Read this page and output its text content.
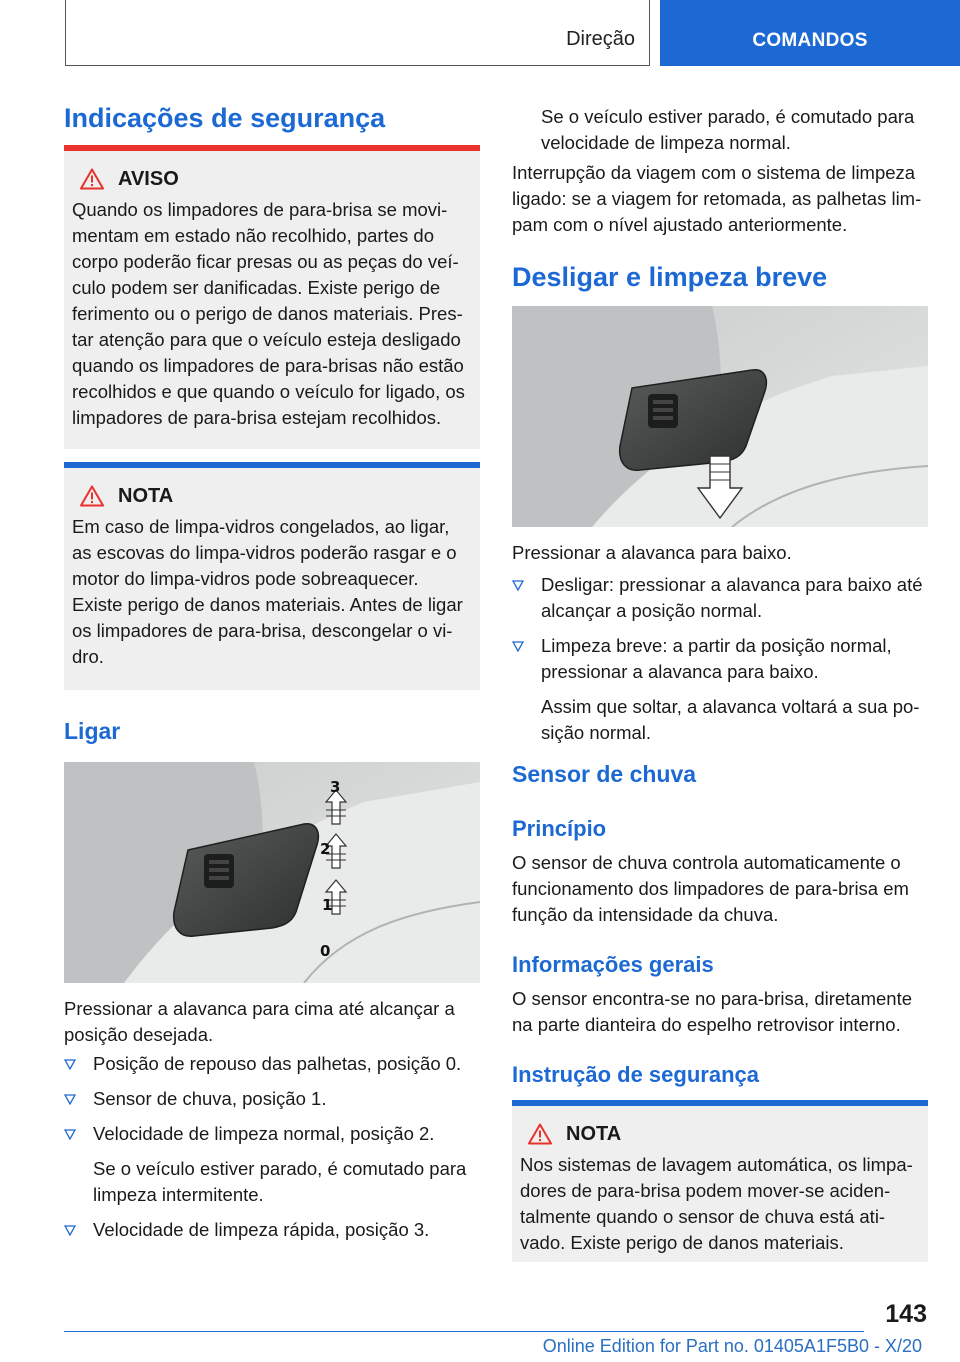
Direção	COMANDOS
Indicações de segurança
AVISO
Quando os limpadores de para-brisa se movi-
mentam em estado não recolhido, partes do
corpo poderão ficar presas ou as peças do veí-
culo podem ser danificadas. Existe perigo de
ferimento ou o perigo de danos materiais. Pres-
tar atenção para que o veículo esteja desligado
quando os limpadores de para-brisas não estão
recolhidos e que quando o veículo for ligado, os
limpadores de para-brisa estejam recolhidos.
NOTA
Em caso de limpa-vidros congelados, ao ligar,
as escovas do limpa-vidros poderão rasgar e o
motor do limpa-vidros pode sobreaquecer.
Existe perigo de danos materiais. Antes de ligar
os limpadores de para-brisa, descongelar o vi-
dro.
Ligar
3
2
1
0
Pressionar a alavanca para cima até alcançar a
posição desejada.
Posição de repouso das palhetas, posição 0.
Sensor de chuva, posição 1.
Velocidade de limpeza normal, posição 2.
Se o veículo estiver parado, é comutado para
limpeza intermitente.
Velocidade de limpeza rápida, posição 3.
Se o veículo estiver parado, é comutado para
velocidade de limpeza normal.
Interrupção da viagem com o sistema de limpeza
ligado: se a viagem for retomada, as palhetas lim-
pam com o nível ajustado anteriormente.
Desligar e limpeza breve
Pressionar a alavanca para baixo.
Desligar: pressionar a alavanca para baixo até
alcançar a posição normal.
Limpeza breve: a partir da posição normal,
pressionar a alavanca para baixo.
Assim que soltar, a alavanca voltará a sua po-
sição normal.
Sensor de chuva
Princípio
O sensor de chuva controla automaticamente o
funcionamento dos limpadores de para-brisa em
função da intensidade da chuva.
Informações gerais
O sensor encontra-se no para-brisa, diretamente
na parte dianteira do espelho retrovisor interno.
Instrução de segurança
NOTA
Nos sistemas de lavagem automática, os limpa-
dores de para-brisa podem mover-se aciden-
talmente quando o sensor de chuva está ati-
vado. Existe perigo de danos materiais.
143
Online Edition for Part no. 01405A1F5B0 - X/20
